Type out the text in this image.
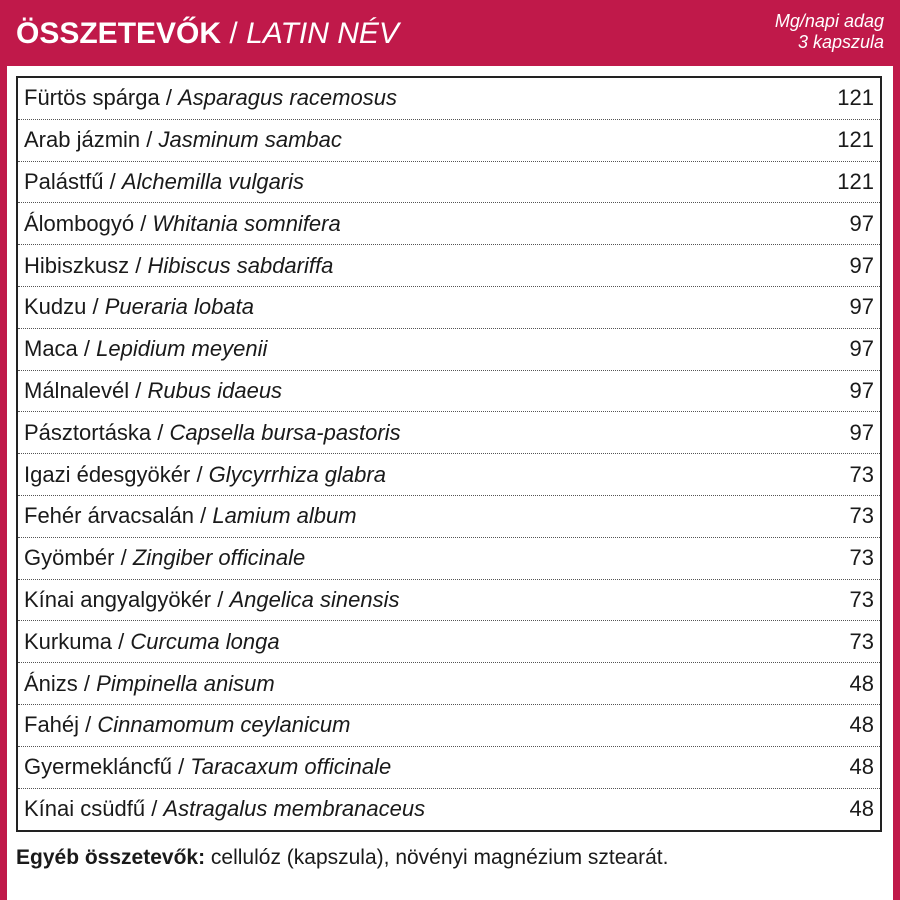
ÖSSZETEVŐK / LATIN NÉV	Mg/napi adag
3 kapszula
Fürtös spárga / Asparagus racemosus	121
Arab jázmin / Jasminum sambac	121
Palástfű / Alchemilla vulgaris	121
Álombogyó / Whitania somnifera	97
Hibiszkusz / Hibiscus sabdariffa	97
Kudzu / Pueraria lobata	97
Maca / Lepidium meyenii	97
Málnalevél / Rubus idaeus	97
Pásztortáska / Capsella bursa-pastoris	97
Igazi édesgyökér / Glycyrrhiza glabra	73
Fehér árvacsalán / Lamium album	73
Gyömbér / Zingiber officinale	73
Kínai angyalgyökér / Angelica sinensis	73
Kurkuma / Curcuma longa	73
Ánizs / Pimpinella anisum	48
Fahéj / Cinnamomum ceylanicum	48
Gyermekláncfű / Taracaxum officinale	48
Kínai csüdfű / Astragalus membranaceus	48
Egyéb összetevők: cellulóz (kapszula), növényi magnézium sztearát.
